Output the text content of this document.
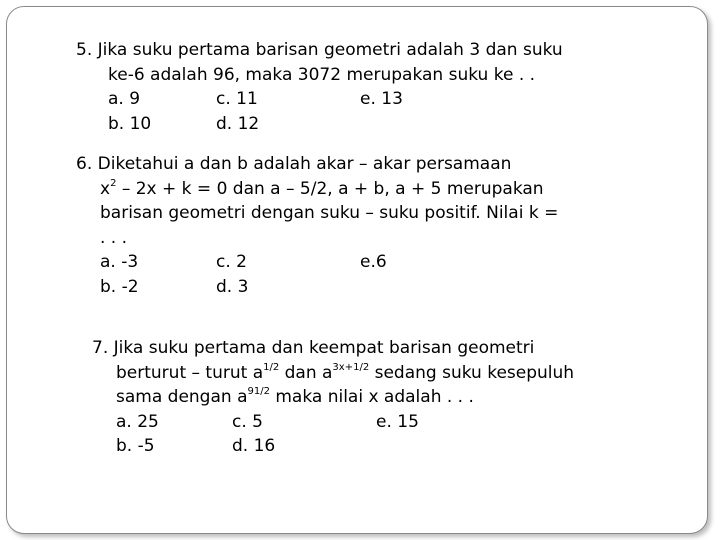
5. Jika suku pertama barisan geometri adalah 3 dan suku
ke-6 adalah 96, maka 3072 merupakan suku ke . .
a. 9	c. 11	e. 13
b. 10	d. 12
6. Diketahui a dan b adalah akar – akar persamaan
$x^2 - 2x + k = 0$ dan a – 5/2, a + b, a + 5 merupakan
barisan geometri dengan suku – suku positif. Nilai k =
. . .
a. -3	c. 2	e.6
b. -2	d. 3
7. Jika suku pertama dan keempat barisan geometri
berturut – turut $a^{1/2}$ dan $a^{3x+1/2}$ sedang suku kesepuluh
sama dengan $a^{91/2}$ maka nilai x adalah . . .
a. 25	c. 5	e. 15
b. -5	d. 16
